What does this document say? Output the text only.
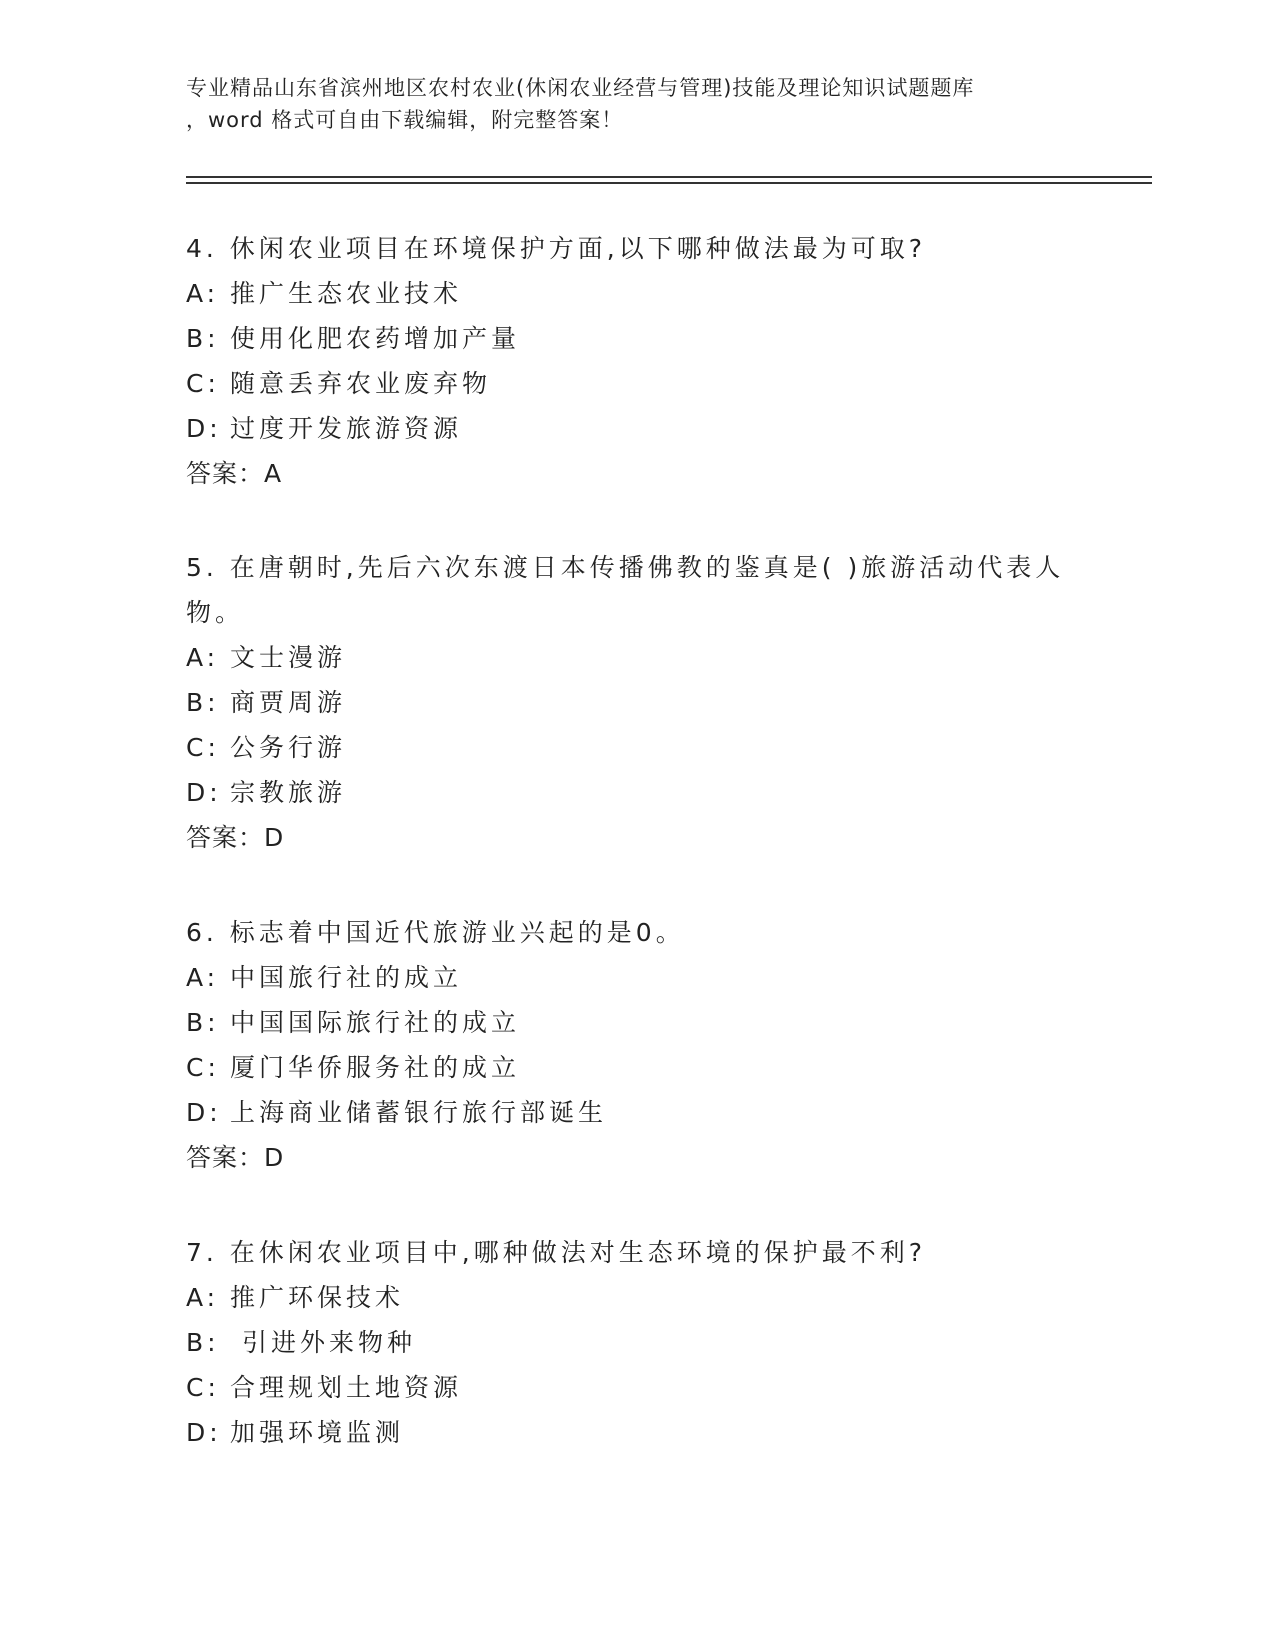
专业精品山东省滨州地区农村农业(休闲农业经营与管理)技能及理论知识试题题库
，word 格式可自由下载编辑，附完整答案！
4. 休闲农业项目在环境保护方面,以下哪种做法最为可取?
A: 推广生态农业技术
B: 使用化肥农药增加产量
C: 随意丢弃农业废弃物
D: 过度开发旅游资源
答案：A
5. 在唐朝时,先后六次东渡日本传播佛教的鉴真是( )旅游活动代表人物。
A: 文士漫游
B: 商贾周游
C: 公务行游
D: 宗教旅游
答案：D
6. 标志着中国近代旅游业兴起的是0。
A: 中国旅行社的成立
B: 中国国际旅行社的成立
C: 厦门华侨服务社的成立
D: 上海商业储蓄银行旅行部诞生
答案：D
7. 在休闲农业项目中,哪种做法对生态环境的保护最不利?
A: 推广环保技术
B: 引进外来物种
C: 合理规划土地资源
D: 加强环境监测
